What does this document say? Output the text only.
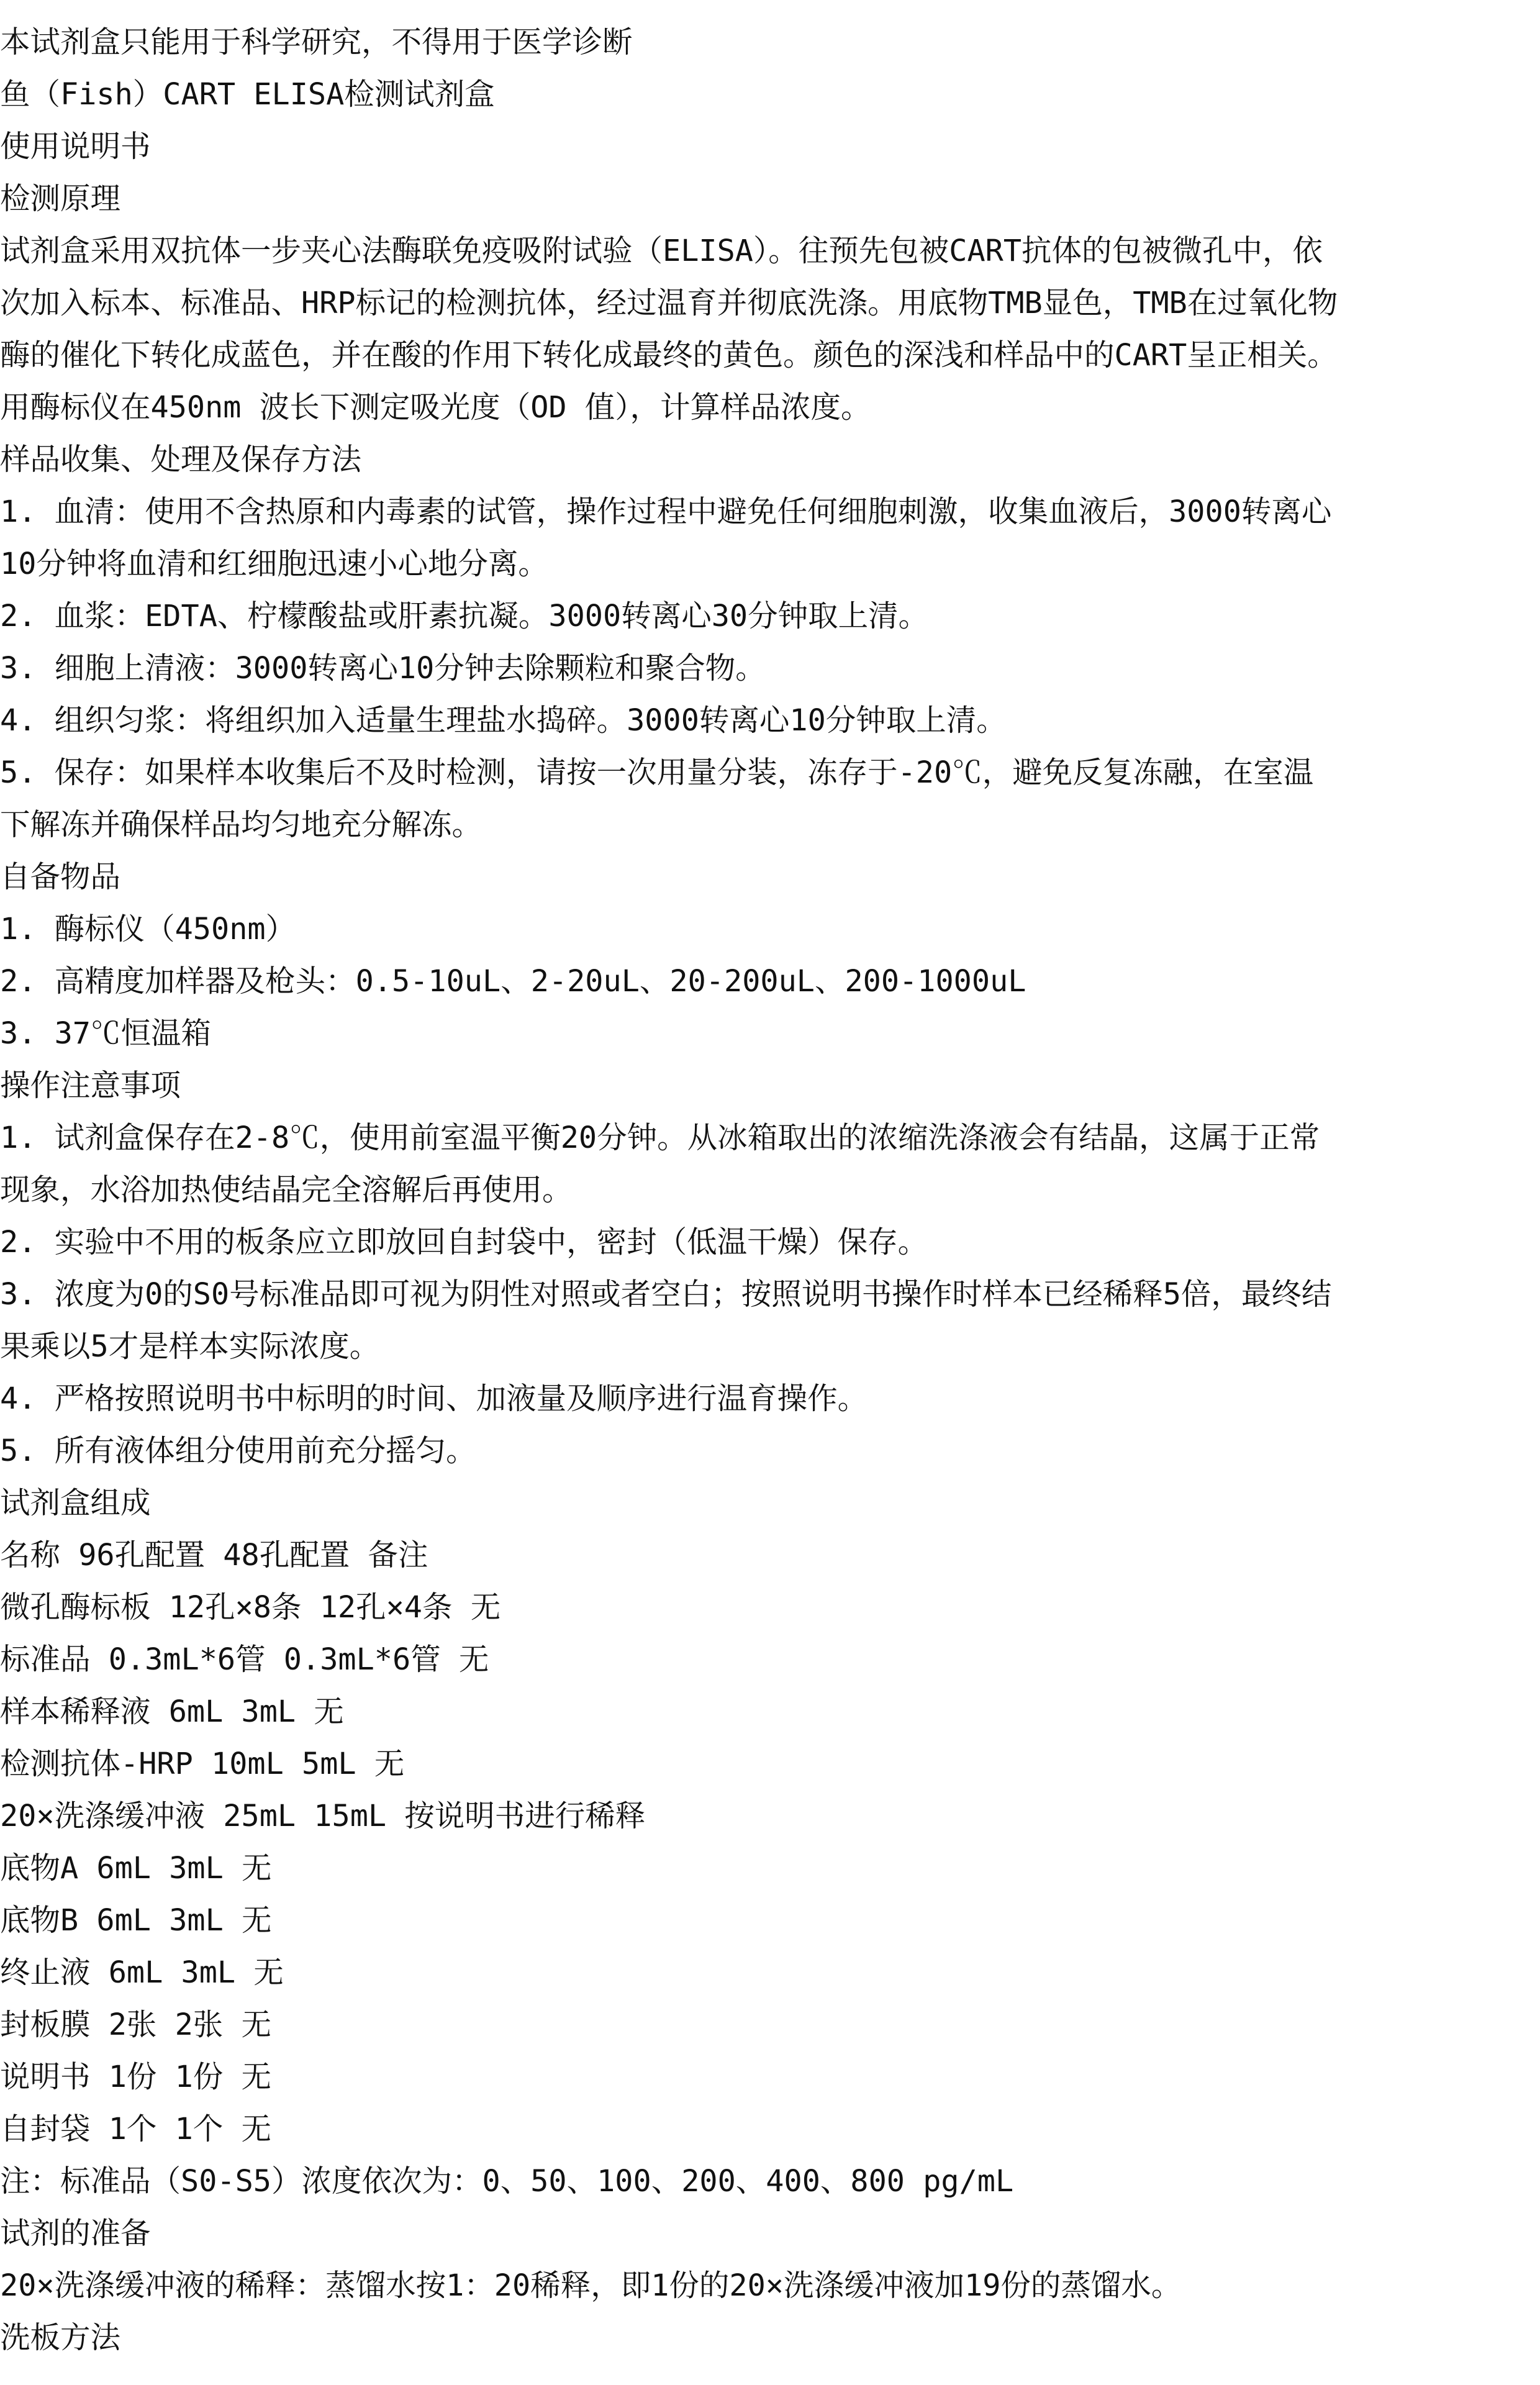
本试剂盒只能用于科学研究，不得用于医学诊断

鱼（Fish）CART ELISA检测试剂盒

使用说明书

检测原理

试剂盒采用双抗体一步夹心法酶联免疫吸附试验（ELISA）。往预先包被CART抗体的包被微孔中，依

次加入标本、标准品、HRP标记的检测抗体，经过温育并彻底洗涤。用底物TMB显色，TMB在过氧化物

酶的催化下转化成蓝色，并在酸的作用下转化成最终的黄色。颜色的深浅和样品中的CART呈正相关。

用酶标仪在450nm 波长下测定吸光度（OD 值），计算样品浓度。

样品收集、处理及保存方法

1. 血清：使用不含热原和内毒素的试管，操作过程中避免任何细胞刺激，收集血液后，3000转离心

10分钟将血清和红细胞迅速小心地分离。

2. 血浆：EDTA、柠檬酸盐或肝素抗凝。3000转离心30分钟取上清。

3. 细胞上清液：3000转离心10分钟去除颗粒和聚合物。

4. 组织匀浆：将组织加入适量生理盐水捣碎。3000转离心10分钟取上清。

5. 保存：如果样本收集后不及时检测，请按一次用量分装，冻存于-20℃，避免反复冻融，在室温

下解冻并确保样品均匀地充分解冻。

自备物品

1. 酶标仪（450nm）

2. 高精度加样器及枪头：0.5-10uL、2-20uL、20-200uL、200-1000uL

3. 37℃恒温箱

操作注意事项

1. 试剂盒保存在2-8℃，使用前室温平衡20分钟。从冰箱取出的浓缩洗涤液会有结晶，这属于正常

现象，水浴加热使结晶完全溶解后再使用。

2. 实验中不用的板条应立即放回自封袋中，密封（低温干燥）保存。

3. 浓度为0的S0号标准品即可视为阴性对照或者空白；按照说明书操作时样本已经稀释5倍，最终结

果乘以5才是样本实际浓度。

4. 严格按照说明书中标明的时间、加液量及顺序进行温育操作。

5. 所有液体组分使用前充分摇匀。

试剂盒组成

名称 96孔配置 48孔配置 备注

微孔酶标板 12孔×8条 12孔×4条 无

标准品 0.3mL*6管 0.3mL*6管 无

样本稀释液 6mL 3mL 无

检测抗体-HRP 10mL 5mL 无

20×洗涤缓冲液 25mL 15mL 按说明书进行稀释

底物A 6mL 3mL 无

底物B 6mL 3mL 无

终止液 6mL 3mL 无

封板膜 2张 2张 无

说明书 1份 1份 无

自封袋 1个 1个 无

注：标准品（S0-S5）浓度依次为：0、50、100、200、400、800 pg/mL

试剂的准备

20×洗涤缓冲液的稀释：蒸馏水按1：20稀释，即1份的20×洗涤缓冲液加19份的蒸馏水。

洗板方法
